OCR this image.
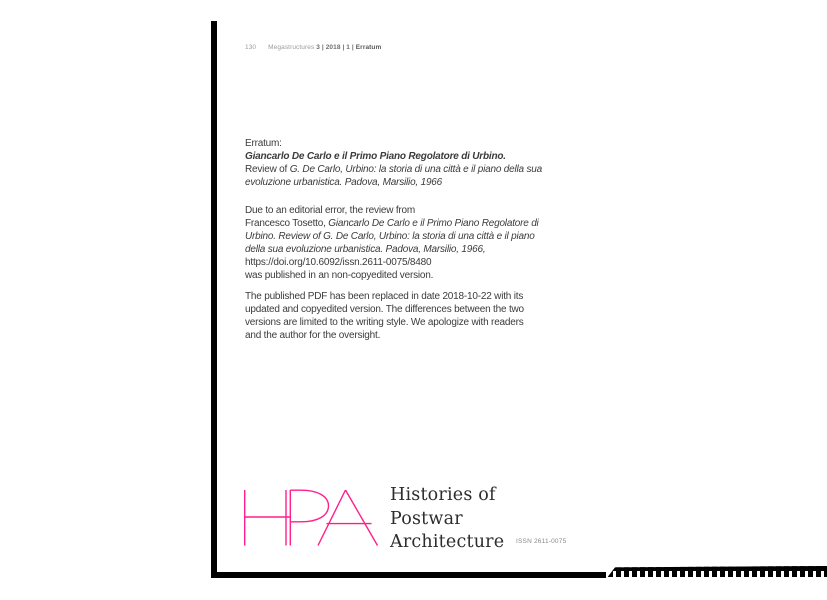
130 Megastructures 3 | 2018 | 1 | Erratum
Erratum:
Giancarlo De Carlo e il Primo Piano Regolatore di Urbino.
Review of G. De Carlo, Urbino: la storia di una città e il piano della sua
evoluzione urbanistica. Padova, Marsilio, 1966
Due to an editorial error, the review from
Francesco Tosetto, Giancarlo De Carlo e il Primo Piano Regolatore di
Urbino. Review of G. De Carlo, Urbino: la storia di una città e il piano
della sua evoluzione urbanistica. Padova, Marsilio, 1966,
https://doi.org/10.6092/issn.2611-0075/8480
was published in an non-copyedited version.
The published PDF has been replaced in date 2018-10-22 with its
updated and copyedited version. The differences between the two
versions are limited to the writing style. We apologize with readers
and the author for the oversight.
Histories of
Postwar
Architecture ISSN 2611-0075
